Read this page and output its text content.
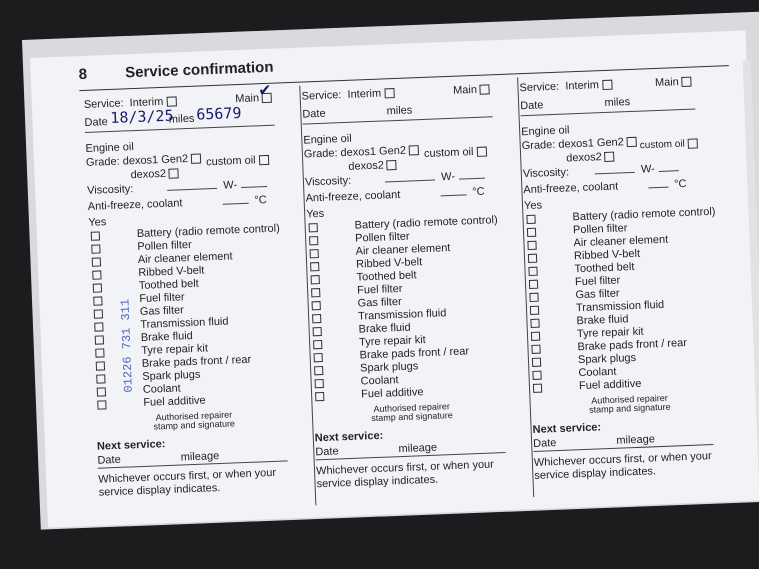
8 Service confirmation
Service: Interim	Main ✔
Date	miles
18/3/25 65679
Engine oil
Grade: dexos1 Gen2
dexos2
custom oil
Viscosity:	W-
Anti-freeze, coolant	°C
Yes
Battery (radio remote control)
Pollen filter
Air cleaner element
Ribbed V-belt
Toothed belt
Fuel filter
Gas filter
Transmission fluid
Brake fluid
Tyre repair kit
Brake pads front / rear
Spark plugs
Coolant
Fuel additive
Authorised repairer stamp and signature
Next service:
Date	mileage
Whichever occurs first, or when your service display indicates.
01226 731 311
Service: Interim	Main
Date	miles
Engine oil
Grade: dexos1 Gen2
dexos2
custom oil
Viscosity:	W-
Anti-freeze, coolant	°C
Yes
Battery (radio remote control)
Pollen filter
Air cleaner element
Ribbed V-belt
Toothed belt
Fuel filter
Gas filter
Transmission fluid
Brake fluid
Tyre repair kit
Brake pads front / rear
Spark plugs
Coolant
Fuel additive
Authorised repairer stamp and signature
Next service:
Date	mileage
Whichever occurs first, or when your service display indicates.
Service: Interim	Main
Date	miles
Engine oil
Grade: dexos1 Gen2
dexos2
custom oil
Viscosity:	W-
Anti-freeze, coolant	°C
Yes
Battery (radio remote control)
Pollen filter
Air cleaner element
Ribbed V-belt
Toothed belt
Fuel filter
Gas filter
Transmission fluid
Brake fluid
Tyre repair kit
Brake pads front / rear
Spark plugs
Coolant
Fuel additive
Authorised repairer stamp and signature
Next service:
Date	mileage
Whichever occurs first, or when your service display indicates.
